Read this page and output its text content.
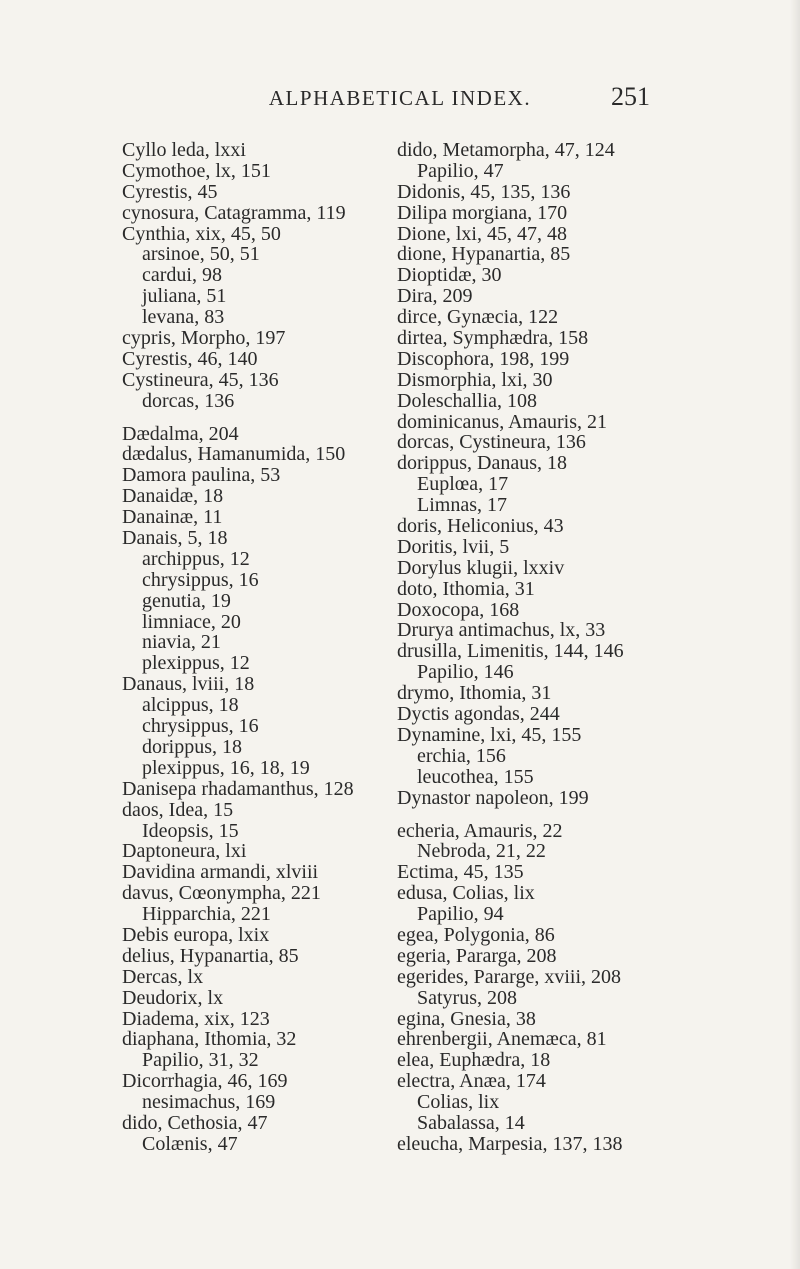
ALPHABETICAL INDEX.	251
Cyllo leda, lxxi
Cymothoe, lx, 151
Cyrestis, 45
cynosura, Catagramma, 119
Cynthia, xix, 45, 50
arsinoe, 50, 51
cardui, 98
juliana, 51
levana, 83
cypris, Morpho, 197
Cyrestis, 46, 140
Cystineura, 45, 136
dorcas, 136
Dædalma, 204
dædalus, Hamanumida, 150
Damora paulina, 53
Danaidæ, 18
Danainæ, 11
Danais, 5, 18
archippus, 12
chrysippus, 16
genutia, 19
limniace, 20
niavia, 21
plexippus, 12
Danaus, lviii, 18
alcippus, 18
chrysippus, 16
dorippus, 18
plexippus, 16, 18, 19
Danisepa rhadamanthus, 128
daos, Idea, 15
Ideopsis, 15
Daptoneura, lxi
Davidina armandi, xlviii
davus, Cœonympha, 221
Hipparchia, 221
Debis europa, lxix
delius, Hypanartia, 85
Dercas, lx
Deudorix, lx
Diadema, xix, 123
diaphana, Ithomia, 32
Papilio, 31, 32
Dicorrhagia, 46, 169
nesimachus, 169
dido, Cethosia, 47
Colænis, 47
dido, Metamorpha, 47, 124
Papilio, 47
Didonis, 45, 135, 136
Dilipa morgiana, 170
Dione, lxi, 45, 47, 48
dione, Hypanartia, 85
Dioptidæ, 30
Dira, 209
dirce, Gynæcia, 122
dirtea, Symphædra, 158
Discophora, 198, 199
Dismorphia, lxi, 30
Doleschallia, 108
dominicanus, Amauris, 21
dorcas, Cystineura, 136
dorippus, Danaus, 18
Euplœa, 17
Limnas, 17
doris, Heliconius, 43
Doritis, lvii, 5
Dorylus klugii, lxxiv
doto, Ithomia, 31
Doxocopa, 168
Drurya antimachus, lx, 33
drusilla, Limenitis, 144, 146
Papilio, 146
drymo, Ithomia, 31
Dyctis agondas, 244
Dynamine, lxi, 45, 155
erchia, 156
leucothea, 155
Dynastor napoleon, 199
echeria, Amauris, 22
Nebroda, 21, 22
Ectima, 45, 135
edusa, Colias, lix
Papilio, 94
egea, Polygonia, 86
egeria, Pararga, 208
egerides, Pararge, xviii, 208
Satyrus, 208
egina, Gnesia, 38
ehrenbergii, Anemæca, 81
elea, Euphædra, 18
electra, Anæa, 174
Colias, lix
Sabalassa, 14
eleucha, Marpesia, 137, 138
